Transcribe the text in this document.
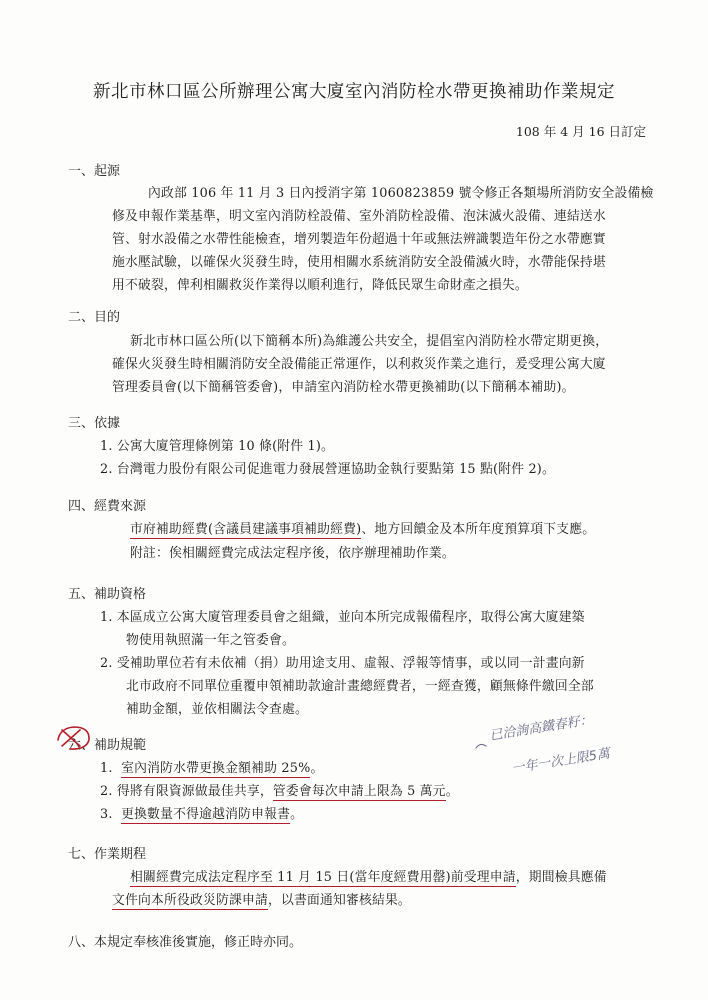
新北市林口區公所辦理公寓大廈室內消防栓水帶更換補助作業規定
108 年 4 月 16 日訂定
一、起源
內政部 106 年 11 月 3 日內授消字第 1060823859 號令修正各類場所消防安全設備檢
修及申報作業基準，明文室內消防栓設備、室外消防栓設備、泡沫滅火設備、連結送水
管、射水設備之水帶性能檢查，增列製造年份超過十年或無法辨識製造年份之水帶應實
施水壓試驗，以確保火災發生時，使用相關水系統消防安全設備滅火時，水帶能保持堪
用不破裂，俾利相關救災作業得以順利進行，降低民眾生命財產之損失。
二、目的
新北市林口區公所(以下簡稱本所)為維護公共安全，提倡室內消防栓水帶定期更換，
確保火災發生時相關消防安全設備能正常運作，以利救災作業之進行，爰受理公寓大廈
管理委員會(以下簡稱管委會)，申請室內消防栓水帶更換補助(以下簡稱本補助)。
三、依據
1. 公寓大廈管理條例第 10 條(附件 1)。
2. 台灣電力股份有限公司促進電力發展營運協助金執行要點第 15 點(附件 2)。
四、經費來源
市府補助經費(含議員建議事項補助經費)、地方回饋金及本所年度預算項下支應。
附註：俟相關經費完成法定程序後，依序辦理補助作業。
五、補助資格
1. 本區成立公寓大廈管理委員會之組織，並向本所完成報備程序，取得公寓大廈建築
物使用執照滿一年之管委會。
2. 受補助單位若有未依補（捐）助用途支用、虛報、浮報等情事，或以同一計畫向新
北市政府不同單位重覆申領補助款逾計畫總經費者，一經查獲，顧無條件繳回全部
補助金額，並依相關法令查處。
六、補助規範
1. 室內消防水帶更換金額補助 25%。
2. 得將有限資源做最佳共享，管委會每次申請上限為 5 萬元。
3. 更換數量不得逾越消防申報書。
已洽詢高鐵春籽：
一年一次上限5萬
七、作業期程
相關經費完成法定程序至 11 月 15 日(當年度經費用罄)前受理申請，期間檢具應備
文件向本所役政災防課申請，以書面通知審核結果。
八、本規定奉核准後實施，修正時亦同。
